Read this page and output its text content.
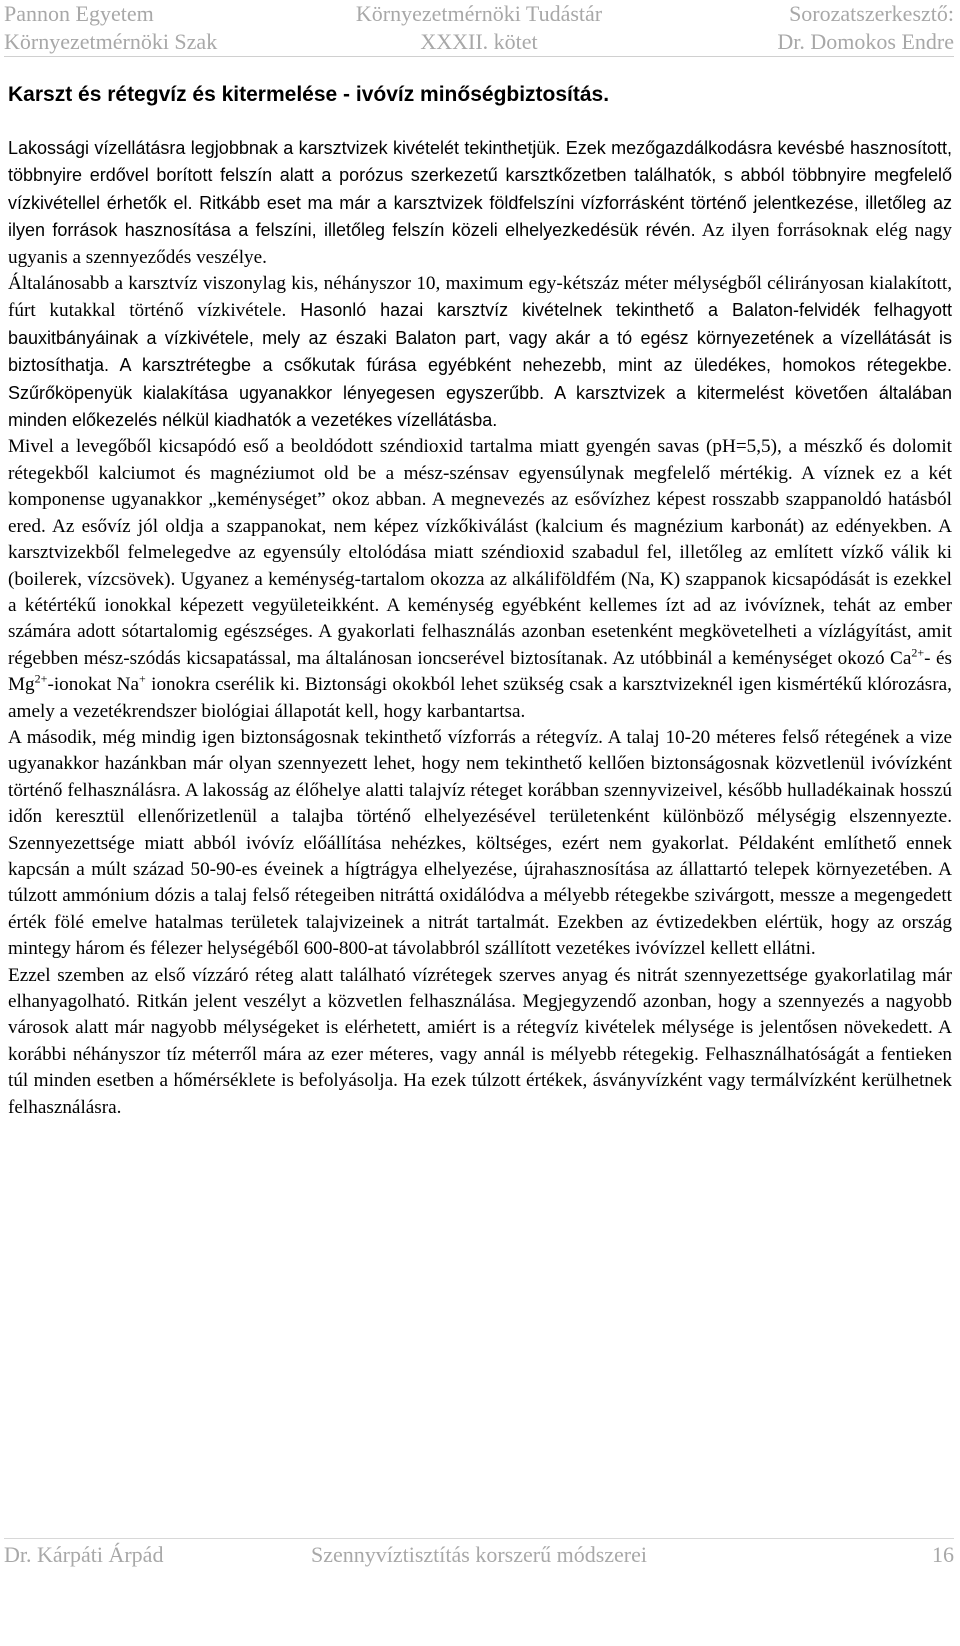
Pannon Egyetem
Környezetmérnöki Szak
Környezetmérnöki Tudástár
XXXII. kötet
Sorozatszerkesztő:
Dr. Domokos Endre
Karszt és rétegvíz és kitermelése - ivóvíz minőségbiztosítás.

Lakossági vízellátásra legjobbnak a karsztvizek kivételét tekinthetjük. Ezek mezőgazdálkodásra kevésbé hasznosított, többnyire erdővel borított felszín alatt a porózus szerkezetű karsztkőzetben találhatók, s abból többnyire megfelelő vízkivétellel érhetők el. Ritkább eset ma már a karsztvizek földfelszíni vízforrásként történő jelentkezése, illetőleg az ilyen források hasznosítása a felszíni, illetőleg felszín közeli elhelyezkedésük révén. Az ilyen forrásoknak elég nagy ugyanis a szennyeződés veszélye.

Általánosabb a karsztvíz viszonylag kis, néhányszor 10, maximum egy-kétszáz méter mélységből célirányosan kialakított, fúrt kutakkal történő vízkivétele. Hasonló hazai karsztvíz kivételnek tekinthető a Balaton-felvidék felhagyott bauxitbányáinak a vízkivétele, mely az északi Balaton part, vagy akár a tó egész környezetének a vízellátását is biztosíthatja. A karsztrétegbe a csőkutak fúrása egyébként nehezebb, mint az üledékes, homokos rétegekbe. Szűrőköpenyük kialakítása ugyanakkor lényegesen egyszerűbb. A karsztvizek a kitermelést követően általában minden előkezelés nélkül kiadhatók a vezetékes vízellátásba.

Mivel a levegőből kicsapódó eső a beoldódott széndioxid tartalma miatt gyengén savas (pH=5,5), a mészkő és dolomit rétegekből kalciumot és magnéziumot old be a mész-szénsav egyensúlynak megfelelő mértékig. A víznek ez a két komponense ugyanakkor „keménységet” okoz abban. A megnevezés az esővízhez képest rosszabb szappanoldó hatásból ered. Az esővíz jól oldja a szappanokat, nem képez vízkőkiválást (kalcium és magnézium karbonát) az edényekben. A karsztvizekből felmelegedve az egyensúly eltolódása miatt széndioxid szabadul fel, illetőleg az említett vízkő válik ki (boilerek, vízcsövek). Ugyanez a keménység-tartalom okozza az alkáliföldfém (Na, K) szappanok kicsapódását is ezekkel a kétértékű ionokkal képezett vegyületeikként. A keménység egyébként kellemes ízt ad az ivóvíznek, tehát az ember számára adott sótartalomig egészséges. A gyakorlati felhasználás azonban esetenként megkövetelheti a vízlágyítást, amit régebben mész-szódás kicsapatással, ma általánosan ioncserével biztosítanak. Az utóbbinál a keménységet okozó $Ca^{2+}-$ és $Mg^{2+}$-ionokat Na+ ionokra cserélik ki. Biztonsági okokból lehet szükség csak a karsztvizeknél igen kismértékű klórozásra, amely a vezetékrendszer biológiai állapotát kell, hogy karbantartsa.

A második, még mindig igen biztonságosnak tekinthető vízforrás a rétegvíz. A talaj 10-20 méteres felső rétegének a vize ugyanakkor hazánkban már olyan szennyezett lehet, hogy nem tekinthető kellően biztonságosnak közvetlenül ivóvízként történő felhasználásra. A lakosság az élőhelye alatti talajvíz réteget korábban szennyvizeivel, később hulladékainak hosszú időn keresztül ellenőrizetlenül a talajba történő elhelyezésével területenként különböző mélységig elszennyezte. Szennyezettsége miatt abból ivóvíz előállítása nehézkes, költséges, ezért nem gyakorlat. Példaként említhető ennek kapcsán a múlt század 50-90-es éveinek a hígtrágya elhelyezése, újrahasznosítása az állattartó telepek környezetében. A túlzott ammónium dózis a talaj felső rétegeiben nitráttá oxidálódva a mélyebb rétegekbe szivárgott, messze a megengedett érték fölé emelve hatalmas területek talajvizeinek a nitrát tartalmát. Ezekben az évtizedekben elértük, hogy az ország mintegy három és félezer helységéből 600-800-at távolabbról szállított vezetékes ivóvízzel kellett ellátni.

Ezzel szemben az első vízzáró réteg alatt található vízrétegek szerves anyag és nitrát szennyezettsége gyakorlatilag már elhanyagolható. Ritkán jelent veszélyt a közvetlen felhasználása. Megjegyzendő azonban, hogy a szennyezés a nagyobb városok alatt már nagyobb mélységeket is elérhetett, amiért is a rétegvíz kivételek mélysége is jelentősen növekedett. A korábbi néhányszor tíz méterről mára az ezer méteres, vagy annál is mélyebb rétegekig. Felhasználhatóságát a fentieken túl minden esetben a hőmérséklete is befolyásolja. Ha ezek túlzott értékek, ásványvízként vagy termálvízként kerülhetnek felhasználásra.

Dr. Kárpáti Árpád	Szennyvíztisztítás korszerű módszerei	16
